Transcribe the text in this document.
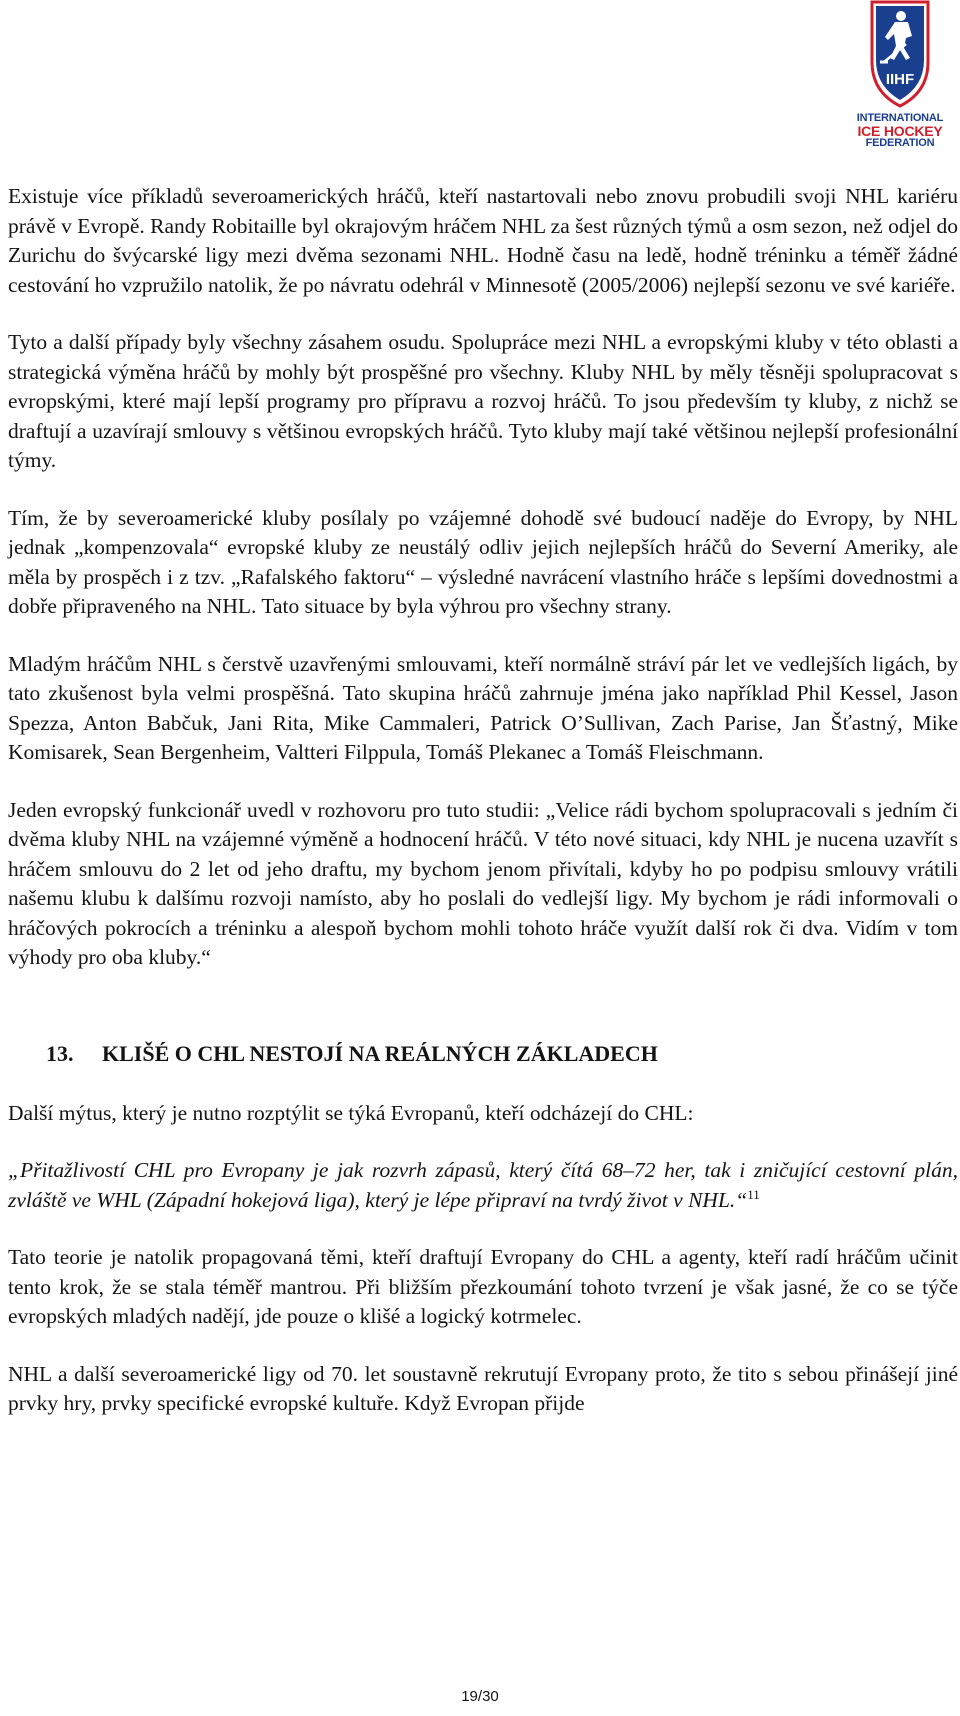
IIHF
INTERNATIONAL
ICE HOCKEY
FEDERATION

Existuje více příkladů severoamerických hráčů, kteří nastartovali nebo znovu probudili svoji NHL kariéru právě v Evropě. Randy Robitaille byl okrajovým hráčem NHL za šest různých týmů a osm sezon, než odjel do Zurichu do švýcarské ligy mezi dvěma sezonami NHL. Hodně času na ledě, hodně tréninku a téměř žádné cestování ho vzpružilo natolik, že po návratu odehrál v Minnesotě (2005/2006) nejlepší sezonu ve své kariéře.

Tyto a další případy byly všechny zásahem osudu. Spolupráce mezi NHL a evropskými kluby v této oblasti a strategická výměna hráčů by mohly být prospěšné pro všechny. Kluby NHL by měly těsněji spolupracovat s evropskými, které mají lepší programy pro přípravu a rozvoj hráčů. To jsou především ty kluby, z nichž se draftují a uzavírají smlouvy s většinou evropských hráčů. Tyto kluby mají také většinou nejlepší profesionální týmy.

Tím, že by severoamerické kluby posílaly po vzájemné dohodě své budoucí naděje do Evropy, by NHL jednak „kompenzovala“ evropské kluby ze neustálý odliv jejich nejlepších hráčů do Severní Ameriky, ale měla by prospěch i z tzv. „Rafalského faktoru“ – výsledné navrácení vlastního hráče s lepšími dovednostmi a dobře připraveného na NHL. Tato situace by byla výhrou pro všechny strany.

Mladým hráčům NHL s čerstvě uzavřenými smlouvami, kteří normálně stráví pár let ve vedlejších ligách, by tato zkušenost byla velmi prospěšná. Tato skupina hráčů zahrnuje jména jako například Phil Kessel, Jason Spezza, Anton Babčuk, Jani Rita, Mike Cammaleri, Patrick O’Sullivan, Zach Parise, Jan Šťastný, Mike Komisarek, Sean Bergenheim, Valtteri Filppula, Tomáš Plekanec a Tomáš Fleischmann.

Jeden evropský funkcionář uvedl v rozhovoru pro tuto studii: „Velice rádi bychom spolupracovali s jedním či dvěma kluby NHL na vzájemné výměně a hodnocení hráčů. V této nové situaci, kdy NHL je nucena uzavřít s hráčem smlouvu do 2 let od jeho draftu, my bychom jenom přivítali, kdyby ho po podpisu smlouvy vrátili našemu klubu k dalšímu rozvoji namísto, aby ho poslali do vedlejší ligy. My bychom je rádi informovali o hráčových pokrocích a tréninku a alespoň bychom mohli tohoto hráče využít další rok či dva. Vidím v tom výhody pro oba kluby.“

13. KLIŠÉ O CHL NESTOJÍ NA REÁLNÝCH ZÁKLADECH

Další mýtus, který je nutno rozptýlit se týká Evropanů, kteří odcházejí do CHL:

„Přitažlivostí CHL pro Evropany je jak rozvrh zápasů, který čítá 68–72 her, tak i zničující cestovní plán, zvláště ve WHL (Západní hokejová liga), který je lépe připraví na tvrdý život v NHL.“$^{11}$

Tato teorie je natolik propagovaná těmi, kteří draftují Evropany do CHL a agenty, kteří radí hráčům učinit tento krok, že se stala téměř mantrou. Při bližším přezkoumání tohoto tvrzení je však jasné, že co se týče evropských mladých nadějí, jde pouze o klišé a logický kotrmelec.

NHL a další severoamerické ligy od 70. let soustavně rekrutují Evropany proto, že tito s sebou přinášejí jiné prvky hry, prvky specifické evropské kultuře. Když Evropan přijde

19/30
